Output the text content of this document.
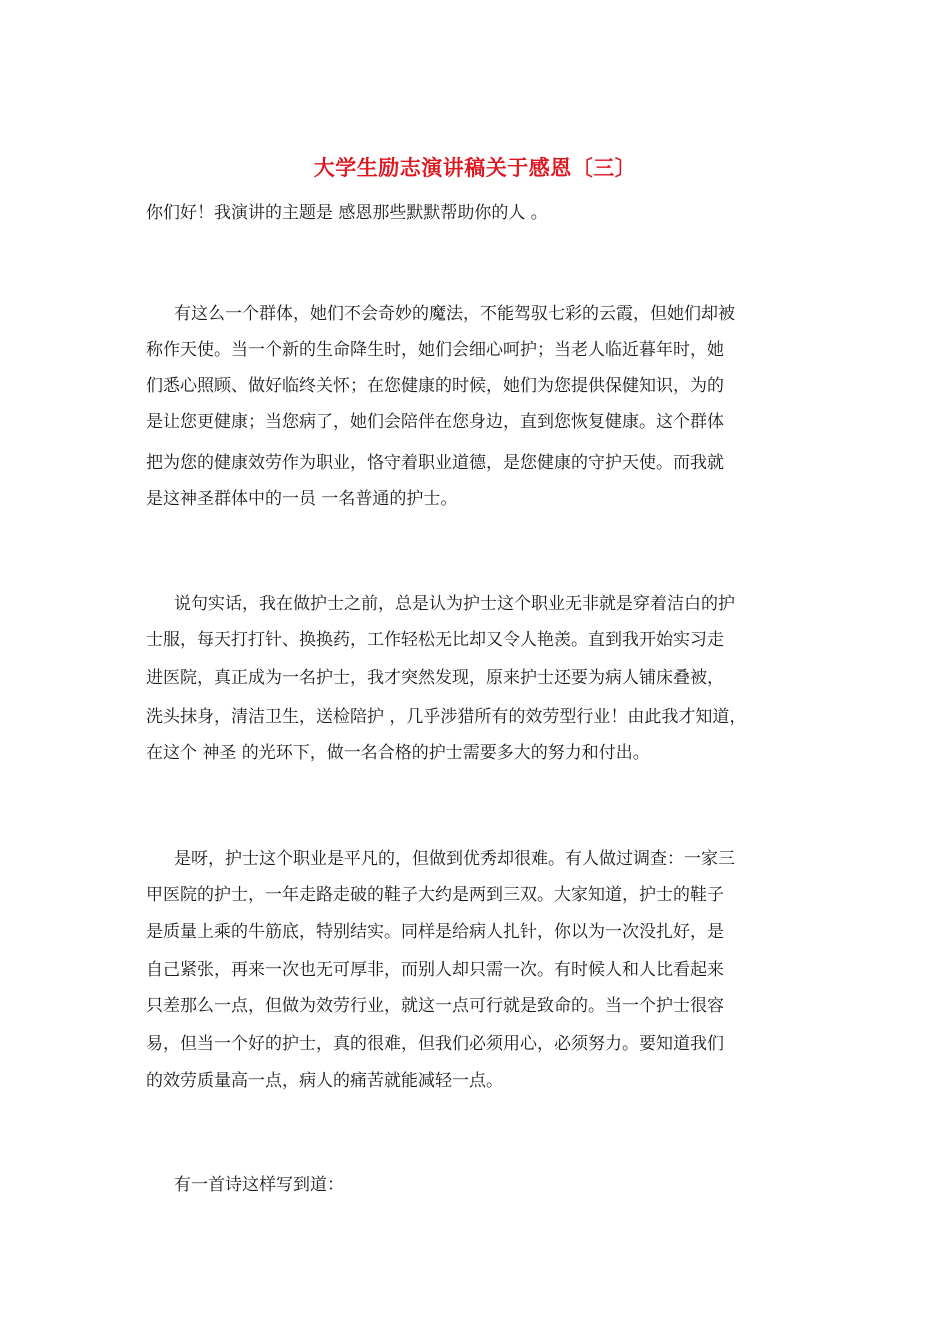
大学生励志演讲稿关于感恩〔三〕
你们好！我演讲的主题是 感恩那些默默帮助你的人 。
有这么一个群体，她们不会奇妙的魔法，不能驾驭七彩的云霞，但她们却被
称作天使。当一个新的生命降生时，她们会细心呵护；当老人临近暮年时，她
们悉心照顾、做好临终关怀；在您健康的时候，她们为您提供保健知识，为的
是让您更健康；当您病了，她们会陪伴在您身边，直到您恢复健康。这个群体
把为您的健康效劳作为职业，恪守着职业道德，是您健康的守护天使。而我就
是这神圣群体中的一员 一名普通的护士。
说句实话，我在做护士之前，总是认为护士这个职业无非就是穿着洁白的护
士服，每天打打针、换换药，工作轻松无比却又令人艳羡。直到我开始实习走
进医院，真正成为一名护士，我才突然发现，原来护士还要为病人铺床叠被，
洗头抹身，清洁卫生，送检陪护 ，几乎涉猎所有的效劳型行业！由此我才知道，
在这个 神圣 的光环下，做一名合格的护士需要多大的努力和付出。
是呀，护士这个职业是平凡的，但做到优秀却很难。有人做过调查：一家三
甲医院的护士，一年走路走破的鞋子大约是两到三双。大家知道，护士的鞋子
是质量上乘的牛筋底，特别结实。同样是给病人扎针，你以为一次没扎好，是
自己紧张，再来一次也无可厚非，而别人却只需一次。有时候人和人比看起来
只差那么一点，但做为效劳行业，就这一点可行就是致命的。当一个护士很容
易，但当一个好的护士，真的很难，但我们必须用心，必须努力。要知道我们
的效劳质量高一点，病人的痛苦就能减轻一点。
有一首诗这样写到道：
